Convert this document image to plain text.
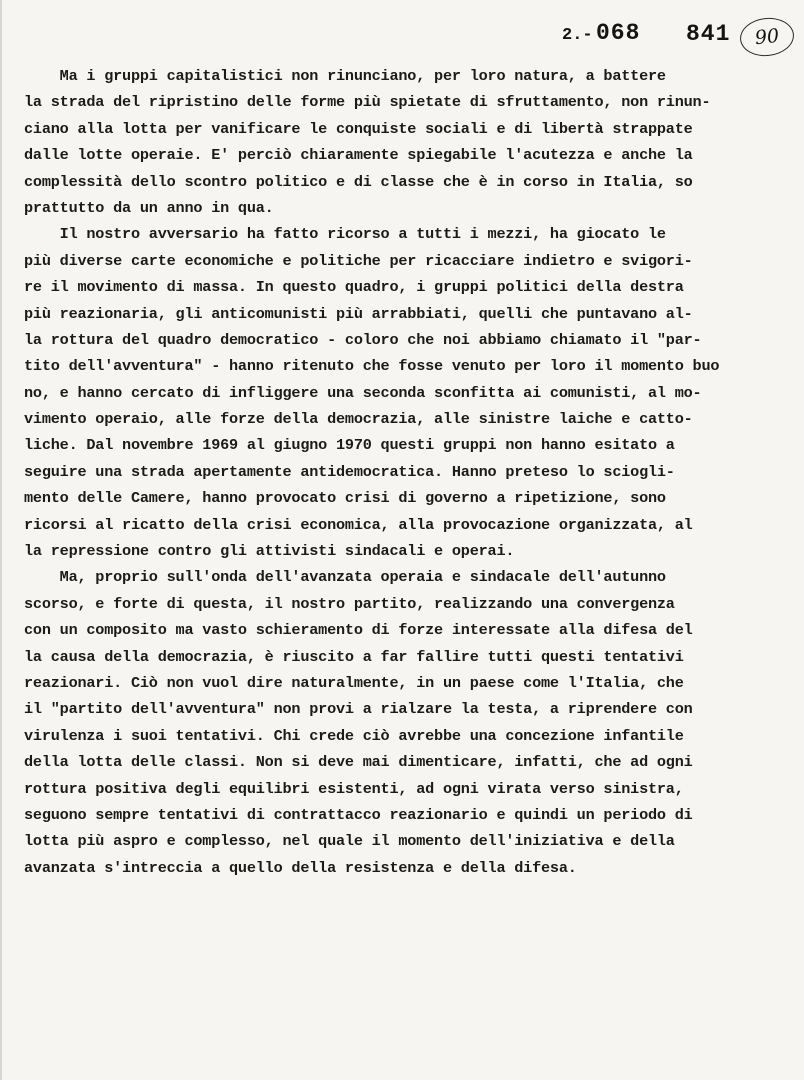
2.- 068 841	90
Ma i gruppi capitalistici non rinunciano, per loro natura, a battere
la strada del ripristino delle forme più spietate di sfruttamento, non rinun-
ciano alla lotta per vanificare le conquiste sociali e di libertà strappate
dalle lotte operaie. E' perciò chiaramente spiegabile l'acutezza e anche la
complessità dello scontro politico e di classe che è in corso in Italia, so
prattutto da un anno in qua.
Il nostro avversario ha fatto ricorso a tutti i mezzi, ha giocato le
più diverse carte economiche e politiche per ricacciare indietro e svigori-
re il movimento di massa. In questo quadro, i gruppi politici della destra
più reazionaria, gli anticomunisti più arrabbiati, quelli che puntavano al-
la rottura del quadro democratico - coloro che noi abbiamo chiamato il "par-
tito dell'avventura" - hanno ritenuto che fosse venuto per loro il momento buo
no, e hanno cercato di infliggere una seconda sconfitta ai comunisti, al mo-
vimento operaio, alle forze della democrazia, alle sinistre laiche e catto-
liche. Dal novembre 1969 al giugno 1970 questi gruppi non hanno esitato a
seguire una strada apertamente antidemocratica. Hanno preteso lo sciogli-
mento delle Camere, hanno provocato crisi di governo a ripetizione, sono
ricorsi al ricatto della crisi economica, alla provocazione organizzata, al
la repressione contro gli attivisti sindacali e operai.
Ma, proprio sull'onda dell'avanzata operaia e sindacale dell'autunno
scorso, e forte di questa, il nostro partito, realizzando una convergenza
con un composito ma vasto schieramento di forze interessate alla difesa del
la causa della democrazia, è riuscito a far fallire tutti questi tentativi
reazionari. Ciò non vuol dire naturalmente, in un paese come l'Italia, che
il "partito dell'avventura" non provi a rialzare la testa, a riprendere con
virulenza i suoi tentativi. Chi crede ciò avrebbe una concezione infantile
della lotta delle classi. Non si deve mai dimenticare, infatti, che ad ogni
rottura positiva degli equilibri esistenti, ad ogni virata verso sinistra,
seguono sempre tentativi di contrattacco reazionario e quindi un periodo di
lotta più aspro e complesso, nel quale il momento dell'iniziativa e della
avanzata s'intreccia a quello della resistenza e della difesa.
